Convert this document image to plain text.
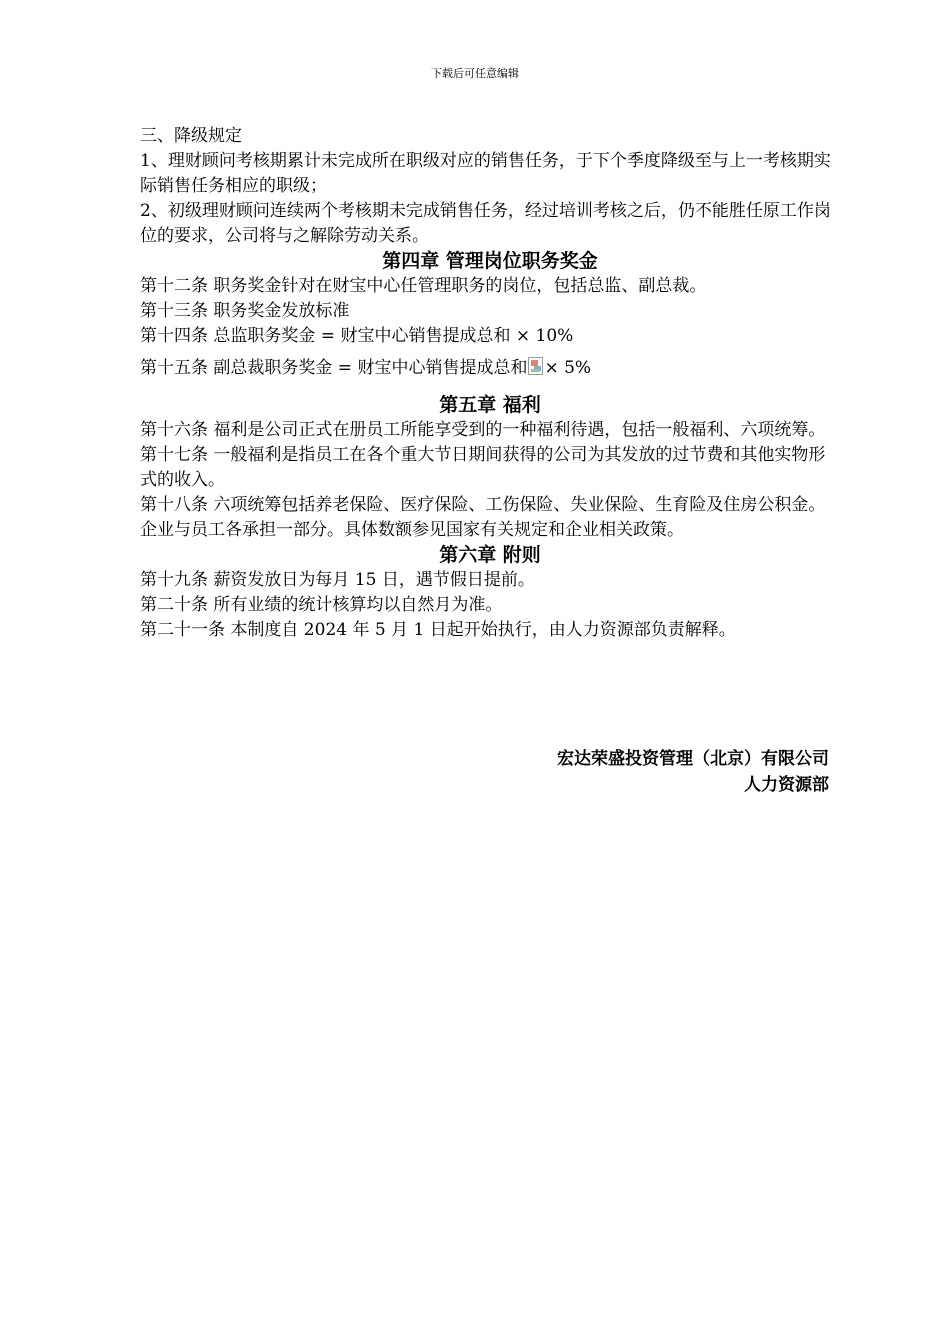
下载后可任意编辑

三、降级规定

1、理财顾问考核期累计未完成所在职级对应的销售任务，于下个季度降级至与上一考核期实际销售任务相应的职级；

2、初级理财顾问连续两个考核期未完成销售任务，经过培训考核之后，仍不能胜任原工作岗位的要求，公司将与之解除劳动关系。

第四章 管理岗位职务奖金

第十二条 职务奖金针对在财宝中心任管理职务的岗位，包括总监、副总裁。

第十三条 职务奖金发放标准

第十四条 总监职务奖金 = 财宝中心销售提成总和 × 10%

第十五条 副总裁职务奖金 = 财宝中心销售提成总和 × 5%

第五章 福利

第十六条 福利是公司正式在册员工所能享受到的一种福利待遇，包括一般福利、六项统筹。

第十七条 一般福利是指员工在各个重大节日期间获得的公司为其发放的过节费和其他实物形式的收入。

第十八条 六项统筹包括养老保险、医疗保险、工伤保险、失业保险、生育险及住房公积金。企业与员工各承担一部分。具体数额参见国家有关规定和企业相关政策。

第六章 附则

第十九条 薪资发放日为每月 15 日，遇节假日提前。

第二十条 所有业绩的统计核算均以自然月为准。

第二十一条 本制度自 2024 年 5 月 1 日起开始执行，由人力资源部负责解释。

宏达荣盛投资管理（北京）有限公司

人力资源部
